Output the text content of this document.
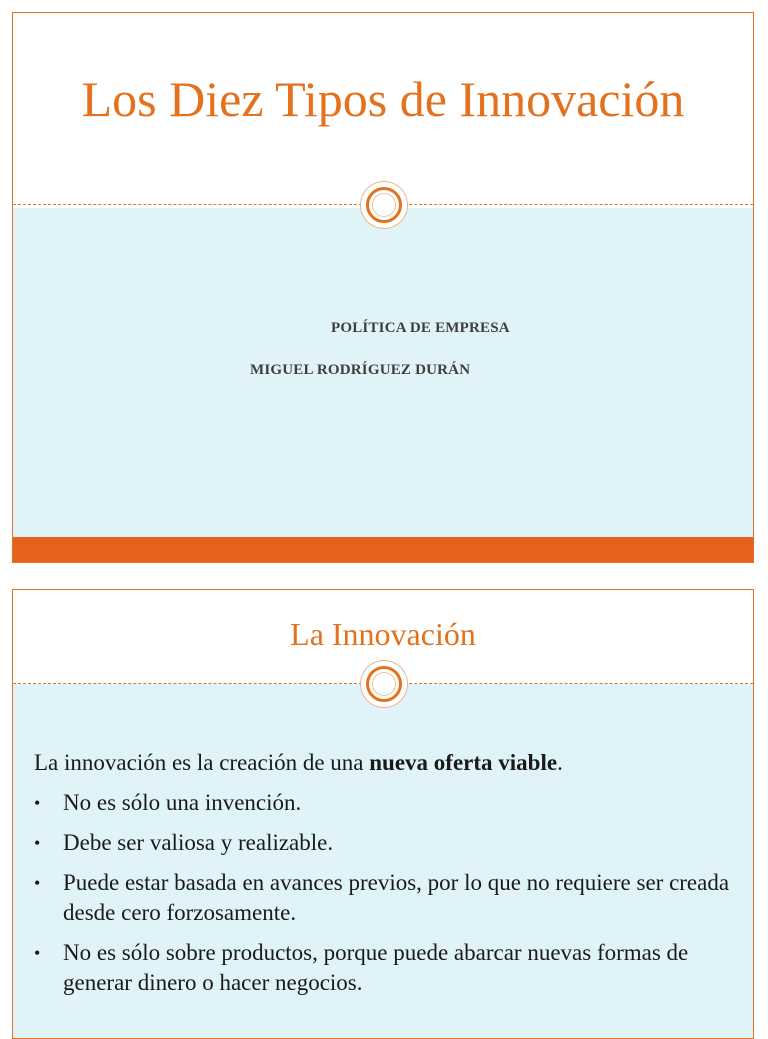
Los Diez Tipos de Innovación
POLÍTICA DE EMPRESA
MIGUEL RODRÍGUEZ DURÁN
La Innovación

La innovación es la creación de una nueva oferta viable.

• No es sólo una invención.
• Debe ser valiosa y realizable.
• Puede estar basada en avances previos, por lo que no requiere ser creada desde cero forzosamente.
• No es sólo sobre productos, porque puede abarcar nuevas formas de generar dinero o hacer negocios.
